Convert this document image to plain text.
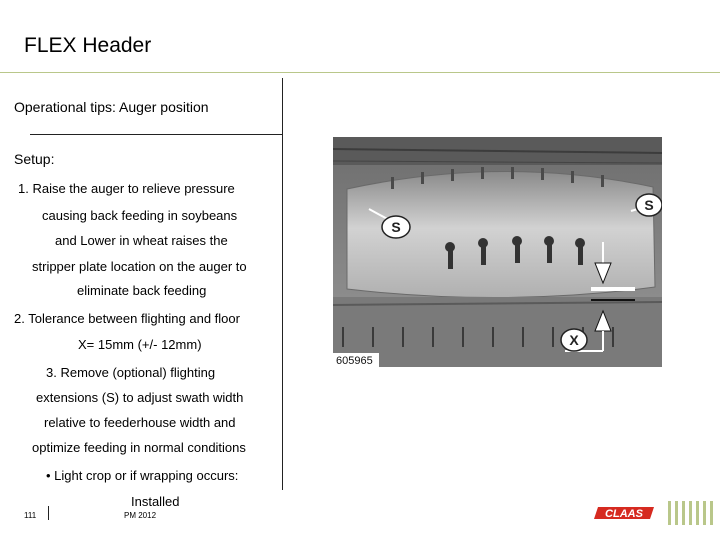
FLEX Header
Operational tips: Auger position
Setup:
1. Raise the auger to relieve pressure
causing back feeding in soybeans
and Lower in wheat raises the
stripper plate location on the auger to
eliminate back feeding
2. Tolerance between flighting and floor
X= 15mm (+/- 12mm)
3. Remove (optional) flighting
extensions (S) to adjust swath width
relative to feederhouse width and
optimize feeding in normal conditions
• Light crop or if wrapping occurs:
Installed
S
S
X
605965
111	PM 2012	CLAAS
